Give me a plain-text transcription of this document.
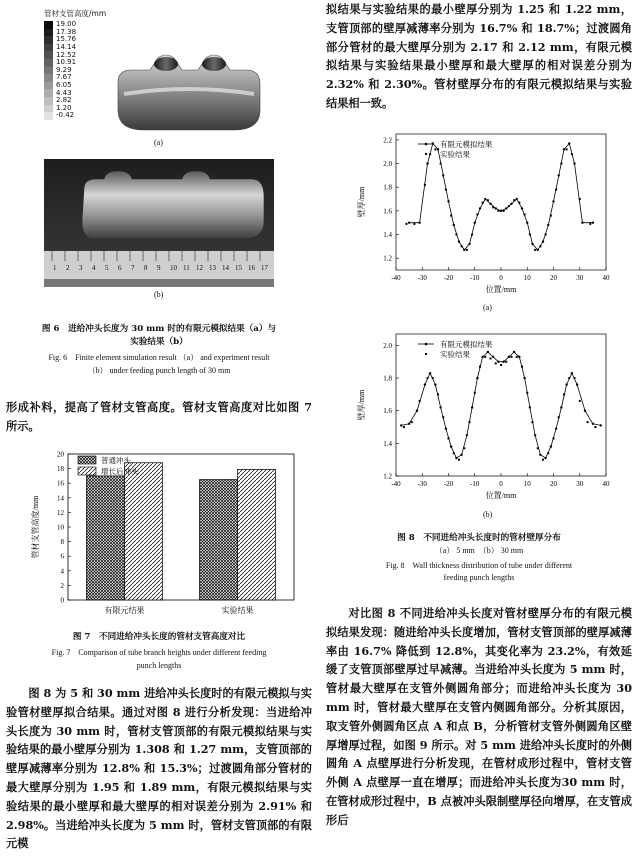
管材支管高度/mm
19.00
17.38
15.76
14.14
12.52
10.91
9.29
7.67
6.05
4.43
2.82
1.20
-0.42
(a)
1 2 3 4 5 6 7 8 9 10 11 12 13 14 15 16 17
(b)

图 6　进给冲头长度为 30 mm 时的有限元模拟结果（a）与

实验结果（b）

Fig. 6　Finite element simulation result （a） and experiment result

（b） under feeding punch length of 30 mm

形成补料，提高了管材支管高度。管材支管高度对比如图 7 所示。

0
2
4
6
8
10
12
14
16
18
20
管材支管高度/mm
有限元结果	实验结果
普通冲头
增长后冲头

图 7　不同进给冲头长度的管材支管高度对比

Fig. 7　Comparison of tube branch heights under different feeding

punch lengths

图 8 为 5 和 30 mm 进给冲头长度时的有限元模拟与实验管材壁厚拟合结果。通过对图 8 进行分析发现：当进给冲头长度为 30 mm 时，管材支管顶部的有限元模拟结果与实验结果的最小壁厚分别为 1.308 和 1.27 mm，支管顶部的壁厚减薄率分别为 12.8% 和 15.3%；过渡圆角部分管材的最大壁厚分别为 1.95 和 1.89 mm，有限元模拟结果与实验结果的最小壁厚和最大壁厚的相对误差分别为 2.91% 和 2.98%。当进给冲头长度为 5 mm 时，管材支管顶部的有限元模

拟结果与实验结果的最小壁厚分别为 1.25 和 1.22 mm，支管顶部的壁厚减薄率分别为 16.7% 和 18.7%；过渡圆角部分管材的最大壁厚分别为 2.17 和 2.12 mm，有限元模拟结果与实验结果最小壁厚和最大壁厚的相对误差分别为 2.32% 和 2.30%。管材壁厚分布的有限元模拟结果与实验结果相一致。

-40 -30 -20 -10	0	10	20	30	40
1.2
1.4
1.6
1.8
2.0
2.2
位置/mm
壁厚/mm
有限元模拟结果
实验结果
(a)
-40 -30 -20 -10	0	10	20	30	40
1.2
1.4
1.6
1.8
2.0
位置/mm
壁厚/mm
有限元模拟结果
实验结果
(b)

图 8　不同进给冲头长度时的管材壁厚分布

（a） 5 mm　（b） 30 mm

Fig. 8　Wall thickness distribution of tube under different

feeding punch lengths

对比图 8 不同进给冲头长度对管材壁厚分布的有限元模拟结果发现：随进给冲头长度增加，管材支管顶部的壁厚减薄率由 16.7% 降低到 12.8%，其变化率为 23.2%，有效延缓了支管顶部壁厚过早减薄。当进给冲头长度为 5 mm 时，管材最大壁厚在支管外侧圆角部分；而进给冲头长度为 30 mm 时，管材最大壁厚在支管内侧圆角部分。分析其原因，取支管外侧圆角区点 A 和点 B，分析管材支管外侧圆角区壁厚增厚过程，如图 9 所示。对 5 mm 进给冲头长度时的外侧圆角 A 点壁厚进行分析发现，在管材成形过程中，管材支管外侧 A 点壁厚一直在增厚；而进给冲头长度为30 mm 时，在管材成形过程中，B 点被冲头限制壁厚径向增厚，在支管成形后
